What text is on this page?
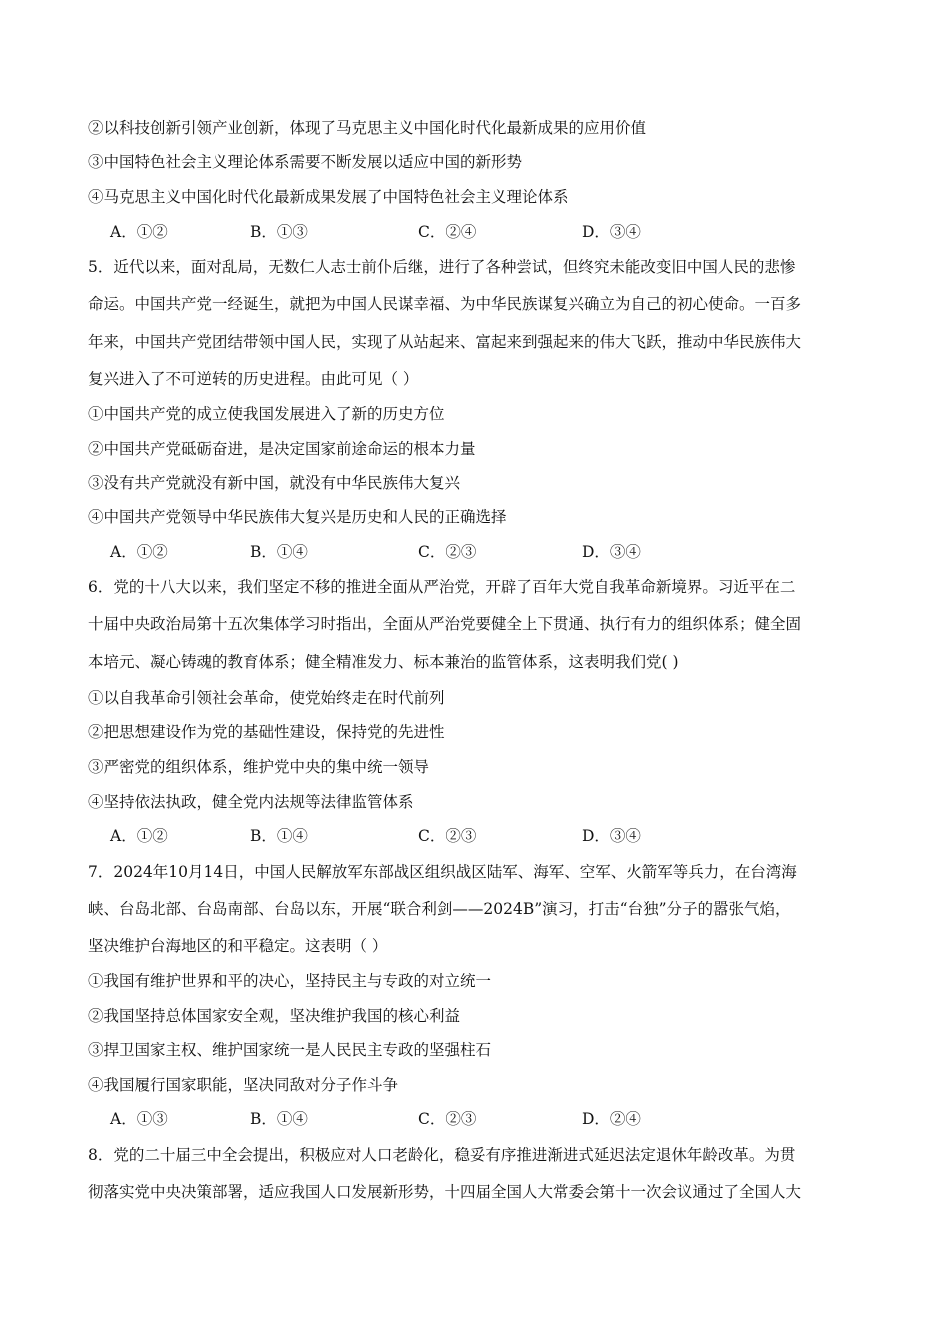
②以科技创新引领产业创新，体现了马克思主义中国化时代化最新成果的应用价值
③中国特色社会主义理论体系需要不断发展以适应中国的新形势
④马克思主义中国化时代化最新成果发展了中国特色社会主义理论体系
A．①②	B．①③	C．②④	D．③④
5．近代以来，面对乱局，无数仁人志士前仆后继，进行了各种尝试，但终究未能改变旧中国人民的悲惨
命运。中国共产党一经诞生，就把为中国人民谋幸福、为中华民族谋复兴确立为自己的初心使命。一百多
年来，中国共产党团结带领中国人民，实现了从站起来、富起来到强起来的伟大飞跃，推动中华民族伟大
复兴进入了不可逆转的历史进程。由此可见（ ）
①中国共产党的成立使我国发展进入了新的历史方位
②中国共产党砥砺奋进，是决定国家前途命运的根本力量
③没有共产党就没有新中国，就没有中华民族伟大复兴
④中国共产党领导中华民族伟大复兴是历史和人民的正确选择
A．①②	B．①④	C．②③	D．③④
6．党的十八大以来，我们坚定不移的推进全面从严治党，开辟了百年大党自我革命新境界。习近平在二
十届中央政治局第十五次集体学习时指出，全面从严治党要健全上下贯通、执行有力的组织体系；健全固
本培元、凝心铸魂的教育体系；健全精准发力、标本兼治的监管体系，这表明我们党( )
①以自我革命引领社会革命，使党始终走在时代前列
②把思想建设作为党的基础性建设，保持党的先进性
③严密党的组织体系，维护党中央的集中统一领导
④坚持依法执政，健全党内法规等法律监管体系
A．①②	B．①④	C．②③	D．③④
7．2024年10月14日，中国人民解放军东部战区组织战区陆军、海军、空军、火箭军等兵力，在台湾海
峡、台岛北部、台岛南部、台岛以东，开展“联合利剑——2024B”演习，打击“台独”分子的嚣张气焰，
坚决维护台海地区的和平稳定。这表明（ ）
①我国有维护世界和平的决心，坚持民主与专政的对立统一
②我国坚持总体国家安全观，坚决维护我国的核心利益
③捍卫国家主权、维护国家统一是人民民主专政的坚强柱石
④我国履行国家职能，坚决同敌对分子作斗争
A．①③	B．①④	C．②③	D．②④
8．党的二十届三中全会提出，积极应对人口老龄化，稳妥有序推进渐进式延迟法定退休年龄改革。为贯
彻落实党中央决策部署，适应我国人口发展新形势，十四届全国人大常委会第十一次会议通过了全国人大
